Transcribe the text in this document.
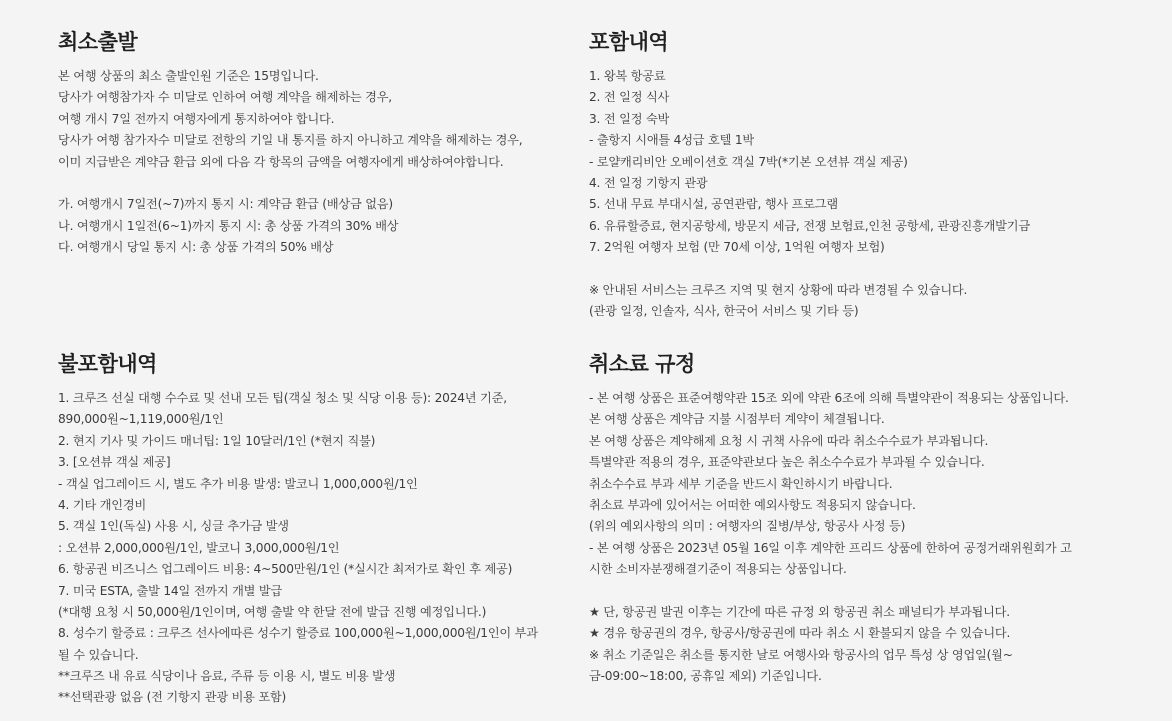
최소출발
본 여행 상품의 최소 출발인원 기준은 15명입니다.
당사가 여행참가자 수 미달로 인하여 여행 계약을 해제하는 경우,
여행 개시 7일 전까지 여행자에게 통지하여야 합니다.
당사가 여행 참가자수 미달로 전항의 기일 내 통지를 하지 아니하고 계약을 해제하는 경우,
이미 지급받은 계약금 환급 외에 다음 각 항목의 금액을 여행자에게 배상하여야합니다.
가. 여행개시 7일전(~7)까지 통지 시: 계약금 환급 (배상금 없음)
나. 여행개시 1일전(6~1)까지 통지 시: 총 상품 가격의 30% 배상
다. 여행개시 당일 통지 시: 총 상품 가격의 50% 배상
포함내역
1. 왕복 항공료
2. 전 일정 식사
3. 전 일정 숙박
- 출항지 시애틀 4성급 호텔 1박
- 로얄캐리비안 오베이션호 객실 7박(*기본 오션뷰 객실 제공)
4. 전 일정 기항지 관광
5. 선내 무료 부대시설, 공연관람, 행사 프로그램
6. 유류할증료, 현지공항세, 방문지 세금, 전쟁 보험료,인천 공항세, 관광진흥개발기금
7. 2억원 여행자 보험 (만 70세 이상, 1억원 여행자 보험)
※ 안내된 서비스는 크루즈 지역 및 현지 상황에 따라 변경될 수 있습니다.
(관광 일정, 인솔자, 식사, 한국어 서비스 및 기타 등)
불포함내역
1. 크루즈 선실 대행 수수료 및 선내 모든 팁(객실 청소 및 식당 이용 등): 2024년 기준,
890,000원~1,119,000원/1인
2. 현지 기사 및 가이드 매너팁: 1일 10달러/1인 (*현지 직불)
3. [오션뷰 객실 제공]
- 객실 업그레이드 시, 별도 추가 비용 발생: 발코니 1,000,000원/1인
4. 기타 개인경비
5. 객실 1인(독실) 사용 시, 싱글 추가금 발생
: 오션뷰 2,000,000원/1인, 발코니 3,000,000원/1인
6. 항공권 비즈니스 업그레이드 비용: 4~500만원/1인 (*실시간 최저가로 확인 후 제공)
7. 미국 ESTA, 출발 14일 전까지 개별 발급
(*대행 요청 시 50,000원/1인이며, 여행 출발 약 한달 전에 발급 진행 예정입니다.)
8. 성수기 할증료 : 크루즈 선사에따른 성수기 할증료 100,000원~1,000,000원/1인이 부과
될 수 있습니다.
**크루즈 내 유료 식당이나 음료, 주류 등 이용 시, 별도 비용 발생
**선택관광 없음 (전 기항지 관광 비용 포함)
취소료 규정
- 본 여행 상품은 표준여행약관 15조 외에 약관 6조에 의해 특별약관이 적용되는 상품입니다.
본 여행 상품은 계약금 지불 시점부터 계약이 체결됩니다.
본 여행 상품은 계약해제 요청 시 귀책 사유에 따라 취소수수료가 부과됩니다.
특별약관 적용의 경우, 표준약관보다 높은 취소수수료가 부과될 수 있습니다.
취소수수료 부과 세부 기준을 반드시 확인하시기 바랍니다.
취소료 부과에 있어서는 어떠한 예외사항도 적용되지 않습니다.
(위의 예외사항의 의미 : 여행자의 질병/부상, 항공사 사정 등)
- 본 여행 상품은 2023년 05월 16일 이후 계약한 프리드 상품에 한하여 공정거래위원회가 고
시한 소비자분쟁해결기준이 적용되는 상품입니다.
★ 단, 항공권 발권 이후는 기간에 따른 규정 외 항공권 취소 패널티가 부과됩니다.
★ 경유 항공권의 경우, 항공사/항공권에 따라 취소 시 환불되지 않을 수 있습니다.
※ 취소 기준일은 취소를 통지한 날로 여행사와 항공사의 업무 특성 상 영업일(월~
금-09:00~18:00, 공휴일 제외) 기준입니다.
